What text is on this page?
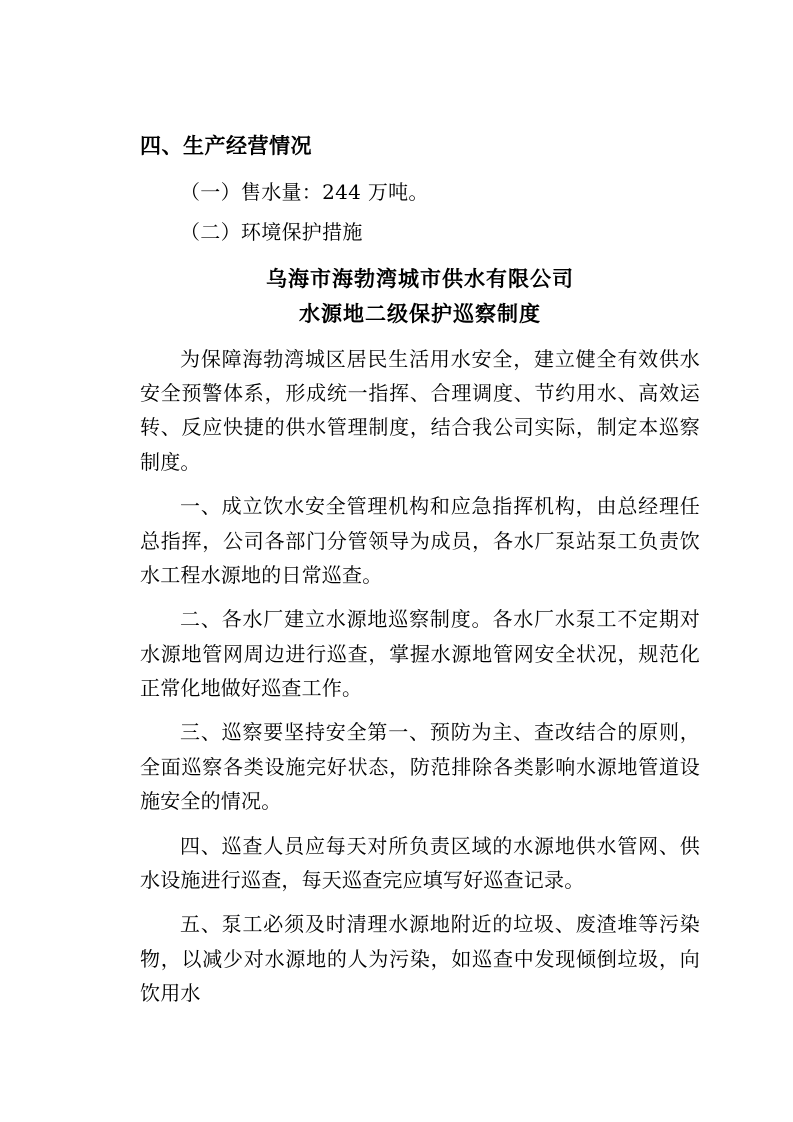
四、生产经营情况
（一）售水量：244 万吨。
（二）环境保护措施
乌海市海勃湾城市供水有限公司
水源地二级保护巡察制度
为保障海勃湾城区居民生活用水安全，建立健全有效供水安全预警体系，形成统一指挥、合理调度、节约用水、高效运转、反应快捷的供水管理制度，结合我公司实际，制定本巡察制度。
一、成立饮水安全管理机构和应急指挥机构，由总经理任总指挥，公司各部门分管领导为成员，各水厂泵站泵工负责饮水工程水源地的日常巡查。
二、各水厂建立水源地巡察制度。各水厂水泵工不定期对水源地管网周边进行巡查，掌握水源地管网安全状况，规范化正常化地做好巡查工作。
三、巡察要坚持安全第一、预防为主、查改结合的原则，全面巡察各类设施完好状态，防范排除各类影响水源地管道设施安全的情况。
四、巡查人员应每天对所负责区域的水源地供水管网、供水设施进行巡查，每天巡查完应填写好巡查记录。
五、泵工必须及时清理水源地附近的垃圾、废渣堆等污染物，以减少对水源地的人为污染，如巡查中发现倾倒垃圾，向饮用水
